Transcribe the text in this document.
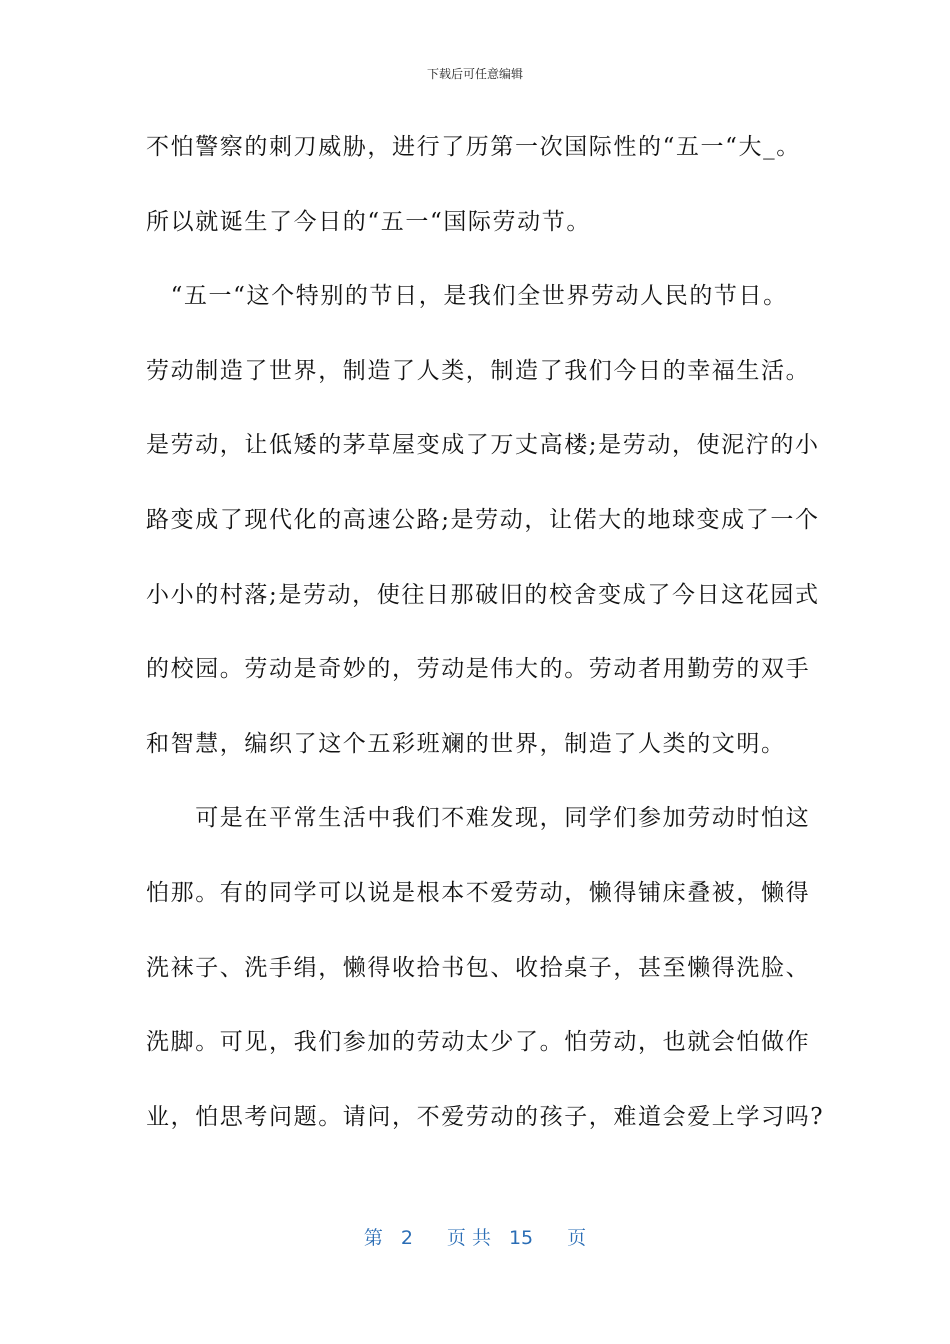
下载后可任意编辑
不怕警察的刺刀威胁，进行了历第一次国际性的“五一“大_。
所以就诞生了今日的“五一“国际劳动节。
　“五一“这个特别的节日，是我们全世界劳动人民的节日。
劳动制造了世界，制造了人类，制造了我们今日的幸福生活。
是劳动，让低矮的茅草屋变成了万丈高楼;是劳动，使泥泞的小
路变成了现代化的高速公路;是劳动，让偌大的地球变成了一个
小小的村落;是劳动，使往日那破旧的校舍变成了今日这花园式
的校园。劳动是奇妙的，劳动是伟大的。劳动者用勤劳的双手
和智慧，编织了这个五彩班斓的世界，制造了人类的文明。
　　可是在平常生活中我们不难发现，同学们参加劳动时怕这
怕那。有的同学可以说是根本不爱劳动，懒得铺床叠被，懒得
洗袜子、洗手绢，懒得收拾书包、收拾桌子，甚至懒得洗脸、
洗脚。可见，我们参加的劳动太少了。怕劳动，也就会怕做作
业，怕思考问题。请问，不爱劳动的孩子，难道会爱上学习吗?
第 2 页 共 15 页
